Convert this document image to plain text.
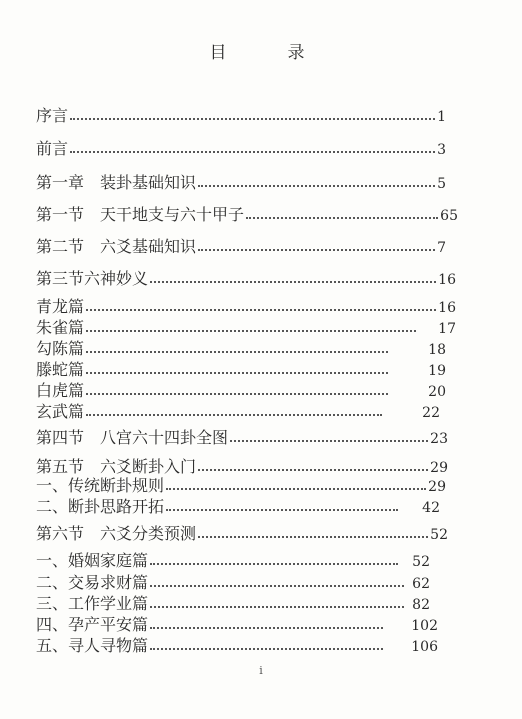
目　录
序言	1
前言	3
第一章　装卦基础知识	5
第一节　天干地支与六十甲子	65
第二节　六爻基础知识	7
第三节六神妙义	16
青龙篇	16
朱雀篇	17
勾陈篇	18
滕蛇篇	19
白虎篇	20
玄武篇	22
第四节　八宫六十四卦全图	23
第五节　六爻断卦入门	29
一、传统断卦规则	29
二、断卦思路开拓	42
第六节　六爻分类预测	52
一、婚姻家庭篇	52
二、交易求财篇	62
三、工作学业篇	82
四、孕产平安篇	102
五、寻人寻物篇	106
i
